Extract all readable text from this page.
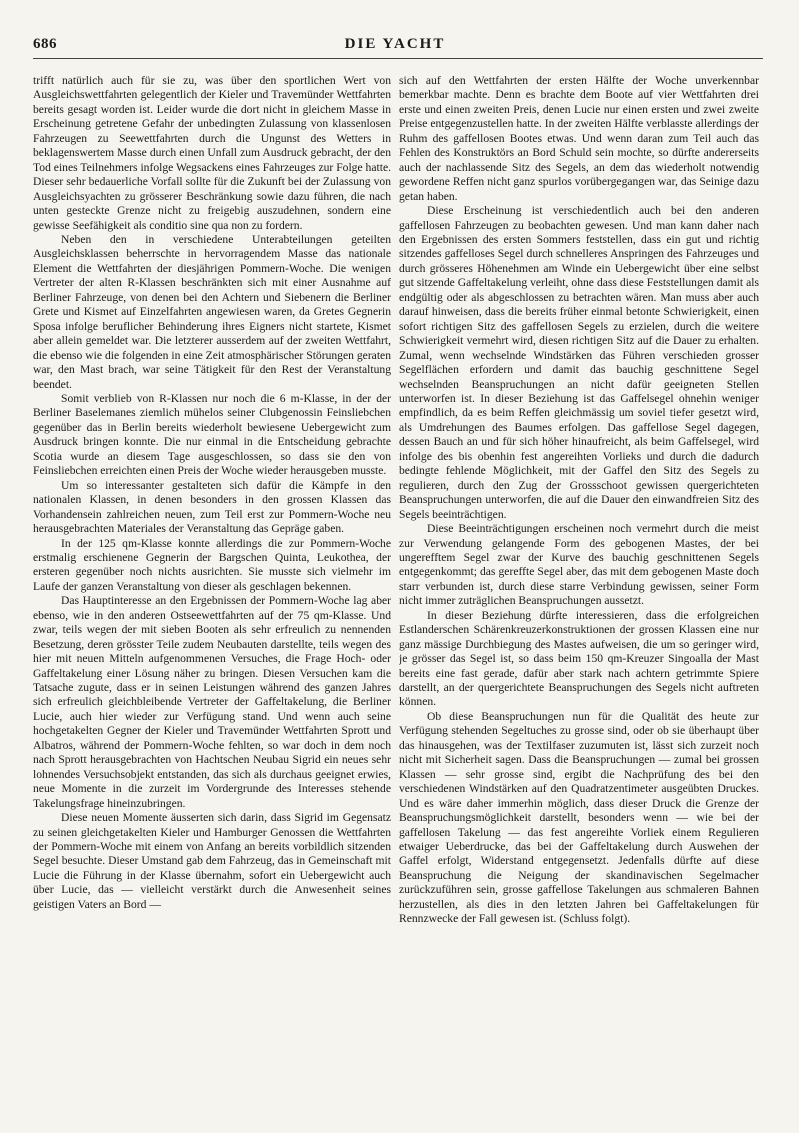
686	DIE YACHT

trifft natürlich auch für sie zu, was über den sportlichen Wert von Ausgleichswettfahrten gelegentlich der Kieler und Travemünder Wettfahrten bereits gesagt worden ist. Leider wurde die dort nicht in gleichem Masse in Erscheinung getretene Gefahr der unbedingten Zulassung von klassenlosen Fahrzeugen zu Seewettfahrten durch die Ungunst des Wetters in beklagenswertem Masse durch einen Unfall zum Ausdruck gebracht, der den Tod eines Teilnehmers infolge Wegsackens eines Fahrzeuges zur Folge hatte. Dieser sehr bedauerliche Vorfall sollte für die Zukunft bei der Zulassung von Ausgleichsyachten zu grösserer Beschränkung sowie dazu führen, die nach unten gesteckte Grenze nicht zu freigebig auszudehnen, sondern eine gewisse Seefähigkeit als conditio sine qua non zu fordern.

Neben den in verschiedene Unterabteilungen geteilten Ausgleichsklassen beherrschte in hervorragendem Masse das nationale Element die Wettfahrten der diesjährigen Pommern-Woche. Die wenigen Vertreter der alten R-Klassen beschränkten sich mit einer Ausnahme auf Berliner Fahrzeuge, von denen bei den Achtern und Siebenern die Berliner Grete und Kismet auf Einzelfahrten angewiesen waren, da Gretes Gegnerin Sposa infolge beruflicher Behinderung ihres Eigners nicht startete, Kismet aber allein gemeldet war. Die letzterer ausserdem auf der zweiten Wettfahrt, die ebenso wie die folgenden in eine Zeit atmosphärischer Störungen geraten war, den Mast brach, war seine Tätigkeit für den Rest der Veranstaltung beendet.

Somit verblieb von R-Klassen nur noch die 6 m-Klasse, in der der Berliner Baselemanes ziemlich mühelos seiner Clubgenossin Feinsliebchen gegenüber das in Berlin bereits wiederholt bewiesene Uebergewicht zum Ausdruck bringen konnte. Die nur einmal in die Entscheidung gebrachte Scotia wurde an diesem Tage ausgeschlossen, so dass sie den von Feinsliebchen erreichten einen Preis der Woche wieder herausgeben musste.

Um so interessanter gestalteten sich dafür die Kämpfe in den nationalen Klassen, in denen besonders in den grossen Klassen das Vorhandensein zahlreichen neuen, zum Teil erst zur Pommern-Woche neu herausgebrachten Materiales der Veranstaltung das Gepräge gaben.

In der 125 qm-Klasse konnte allerdings die zur Pommern-Woche erstmalig erschienene Gegnerin der Bargschen Quinta, Leukothea, der ersteren gegenüber noch nichts ausrichten. Sie musste sich vielmehr im Laufe der ganzen Veranstaltung von dieser als geschlagen bekennen.

Das Hauptinteresse an den Ergebnissen der Pommern-Woche lag aber ebenso, wie in den anderen Ostseewettfahrten auf der 75 qm-Klasse. Und zwar, teils wegen der mit sieben Booten als sehr erfreulich zu nennenden Besetzung, deren grösster Teile zudem Neubauten darstellte, teils wegen des hier mit neuen Mitteln aufgenommenen Versuches, die Frage Hoch- oder Gaffeltakelung einer Lösung näher zu bringen. Diesen Versuchen kam die Tatsache zugute, dass er in seinen Leistungen während des ganzen Jahres sich erfreulich gleichbleibende Vertreter der Gaffeltakelung, die Berliner Lucie, auch hier wieder zur Verfügung stand. Und wenn auch seine hochgetakelten Gegner der Kieler und Travemünder Wettfahrten Sprott und Albatros, während der Pommern-Woche fehlten, so war doch in dem noch nach Sprott herausgebrachten von Hachtschen Neubau Sigrid ein neues sehr lohnendes Versuchsobjekt entstanden, das sich als durchaus geeignet erwies, neue Momente in die zurzeit im Vordergrunde des Interesses stehende Takelungsfrage hineinzubringen.

Diese neuen Momente äusserten sich darin, dass Sigrid im Gegensatz zu seinen gleichgetakelten Kieler und Hamburger Genossen die Wettfahrten der Pommern-Woche mit einem von Anfang an bereits vorbildlich sitzenden Segel besuchte. Dieser Umstand gab dem Fahrzeug, das in Gemeinschaft mit Lucie die Führung in der Klasse übernahm, sofort ein Uebergewicht auch über Lucie, das — vielleicht verstärkt durch die Anwesenheit seines geistigen Vaters an Bord —

sich auf den Wettfahrten der ersten Hälfte der Woche unverkennbar bemerkbar machte. Denn es brachte dem Boote auf vier Wettfahrten drei erste und einen zweiten Preis, denen Lucie nur einen ersten und zwei zweite Preise entgegenzustellen hatte. In der zweiten Hälfte verblasste allerdings der Ruhm des gaffellosen Bootes etwas. Und wenn daran zum Teil auch das Fehlen des Konstruktörs an Bord Schuld sein mochte, so dürfte andererseits auch der nachlassende Sitz des Segels, an dem das wiederholt notwendig gewordene Reffen nicht ganz spurlos vorübergegangen war, das Seinige dazu getan haben.

Diese Erscheinung ist verschiedentlich auch bei den anderen gaffellosen Fahrzeugen zu beobachten gewesen. Und man kann daher nach den Ergebnissen des ersten Sommers feststellen, dass ein gut und richtig sitzendes gaffelloses Segel durch schnelleres Anspringen des Fahrzeuges und durch grösseres Höhenehmen am Winde ein Uebergewicht über eine selbst gut sitzende Gaffeltakelung verleiht, ohne dass diese Feststellungen damit als endgültig oder als abgeschlossen zu betrachten wären. Man muss aber auch darauf hinweisen, dass die bereits früher einmal betonte Schwierigkeit, einen sofort richtigen Sitz des gaffellosen Segels zu erzielen, durch die weitere Schwierigkeit vermehrt wird, diesen richtigen Sitz auf die Dauer zu erhalten. Zumal, wenn wechselnde Windstärken das Führen verschieden grosser Segelflächen erfordern und damit das bauchig geschnittene Segel wechselnden Beanspruchungen an nicht dafür geeigneten Stellen unterworfen ist. In dieser Beziehung ist das Gaffelsegel ohnehin weniger empfindlich, da es beim Reffen gleichmässig um soviel tiefer gesetzt wird, als Umdrehungen des Baumes erfolgen. Das gaffellose Segel dagegen, dessen Bauch an und für sich höher hinaufreicht, als beim Gaffelsegel, wird infolge des bis obenhin fest angereihten Vorlieks und durch die dadurch bedingte fehlende Möglichkeit, mit der Gaffel den Sitz des Segels zu regulieren, durch den Zug der Grossschoot gewissen quergerichteten Beanspruchungen unterworfen, die auf die Dauer den einwandfreien Sitz des Segels beeinträchtigen.

Diese Beeinträchtigungen erscheinen noch vermehrt durch die meist zur Verwendung gelangende Form des gebogenen Mastes, der bei ungerefftem Segel zwar der Kurve des bauchig geschnittenen Segels entgegenkommt; das gereffte Segel aber, das mit dem gebogenen Maste doch starr verbunden ist, durch diese starre Verbindung gewissen, seiner Form nicht immer zuträglichen Beanspruchungen aussetzt.

In dieser Beziehung dürfte interessieren, dass die erfolgreichen Estlanderschen Schärenkreuzerkonstruktionen der grossen Klassen eine nur ganz mässige Durchbiegung des Mastes aufweisen, die um so geringer wird, je grösser das Segel ist, so dass beim 150 qm-Kreuzer Singoalla der Mast bereits eine fast gerade, dafür aber stark nach achtern getrimmte Spiere darstellt, an der quergerichtete Beanspruchungen des Segels nicht auftreten können.

Ob diese Beanspruchungen nun für die Qualität des heute zur Verfügung stehenden Segeltuches zu grosse sind, oder ob sie überhaupt über das hinausgehen, was der Textilfaser zuzumuten ist, lässt sich zurzeit noch nicht mit Sicherheit sagen. Dass die Beanspruchungen — zumal bei grossen Klassen — sehr grosse sind, ergibt die Nachprüfung des bei den verschiedenen Windstärken auf den Quadratzentimeter ausgeübten Druckes. Und es wäre daher immerhin möglich, dass dieser Druck die Grenze der Beanspruchungsmöglichkeit darstellt, besonders wenn — wie bei der gaffellosen Takelung — das fest angereihte Vorliek einem Regulieren etwaiger Ueberdrucke, das bei der Gaffeltakelung durch Auswehen der Gaffel erfolgt, Widerstand entgegensetzt. Jedenfalls dürfte auf diese Beanspruchung die Neigung der skandinavischen Segelmacher zurückzuführen sein, grosse gaffellose Takelungen aus schmaleren Bahnen herzustellen, als dies in den letzten Jahren bei Gaffeltakelungen für Rennzwecke der Fall gewesen ist. (Schluss folgt).
